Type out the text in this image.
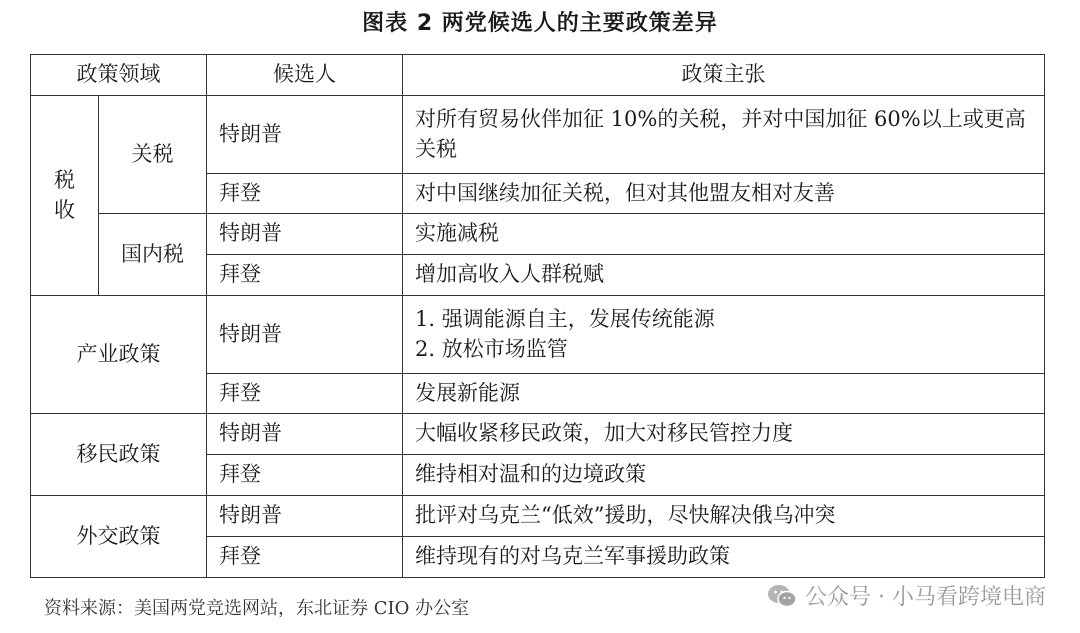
图表 2 两党候选人的主要政策差异
政策领域		候选人	政策主张

税
收	关税	特朗普	对所有贸易伙伴加征 10%的关税，并对中国加征 60%以上或更高关税

		拜登	对中国继续加征关税，但对其他盟友相对友善

	国内税	特朗普	实施减税

		拜登	增加高收入人群税赋

产业政策		特朗普	1. 强调能源自主，发展传统能源

2. 放松市场监管

		拜登	发展新能源

移民政策		特朗普	大幅收紧移民政策，加大对移民管控力度

		拜登	维持相对温和的边境政策

外交政策		特朗普	批评对乌克兰“低效”援助，尽快解决俄乌冲突

		拜登	维持现有的对乌克兰军事援助政策

资料来源：美国两党竞选网站，东北证券 CIO 办公室	公众号 · 小马看跨境电商
